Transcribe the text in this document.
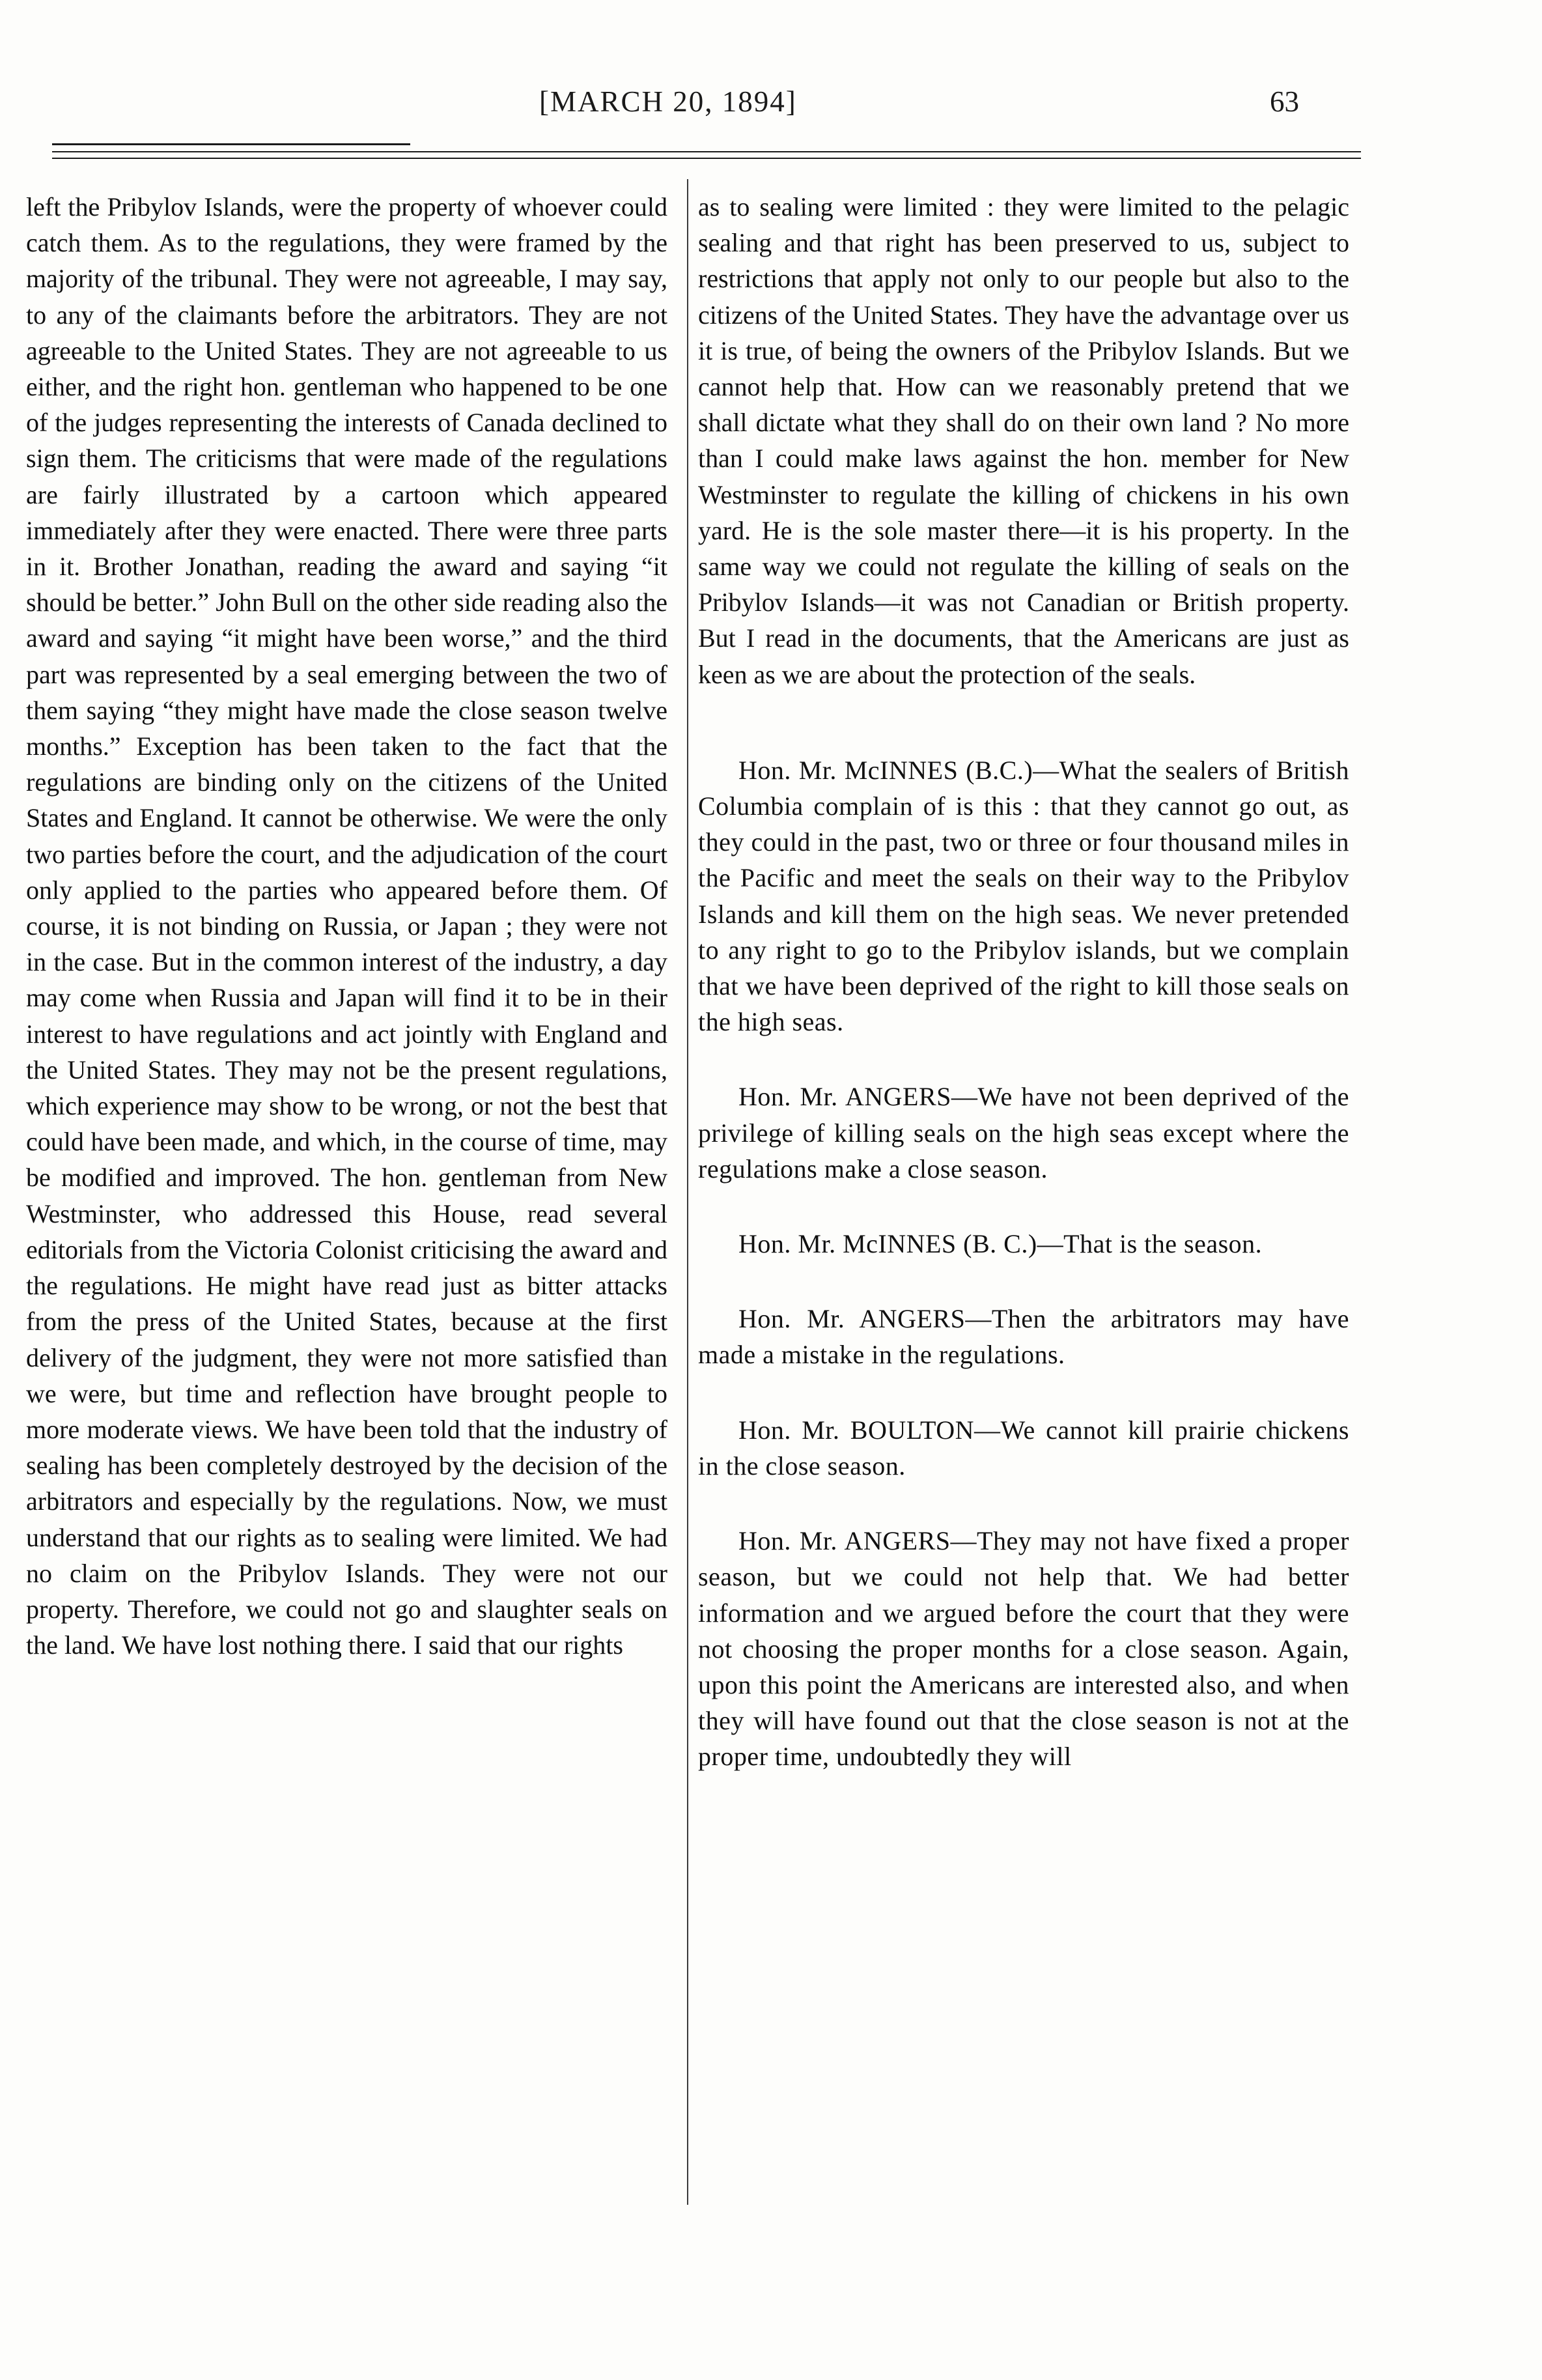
[MARCH 20, 1894]	63

left the Pribylov Islands, were the property of whoever could catch them. As to the regulations, they were framed by the majority of the tribunal. They were not agreeable, I may say, to any of the claimants before the arbitrators. They are not agreeable to the United States. They are not agreeable to us either, and the right hon. gentleman who happened to be one of the judges representing the interests of Canada declined to sign them. The criticisms that were made of the regulations are fairly illustrated by a cartoon which appeared immediately after they were enacted. There were three parts in it. Brother Jonathan, reading the award and saying “it should be better.” John Bull on the other side reading also the award and saying “it might have been worse,” and the third part was represented by a seal emerging between the two of them saying “they might have made the close season twelve months.” Exception has been taken to the fact that the regulations are binding only on the citizens of the United States and England. It cannot be otherwise. We were the only two parties before the court, and the adjudication of the court only applied to the parties who appeared before them. Of course, it is not binding on Russia, or Japan ; they were not in the case. But in the common interest of the industry, a day may come when Russia and Japan will find it to be in their interest to have regulations and act jointly with England and the United States. They may not be the present regulations, which experience may show to be wrong, or not the best that could have been made, and which, in the course of time, may be modified and improved. The hon. gentleman from New Westminster, who addressed this House, read several editorials from the Victoria Colonist criticising the award and the regulations. He might have read just as bitter attacks from the press of the United States, because at the first delivery of the judgment, they were not more satisfied than we were, but time and reflection have brought people to more moderate views. We have been told that the industry of sealing has been completely destroyed by the decision of the arbitrators and especially by the regulations. Now, we must understand that our rights as to sealing were limited. We had no claim on the Pribylov Islands. They were not our property. Therefore, we could not go and slaughter seals on the land. We have lost nothing there. I said that our rights

as to sealing were limited : they were limited to the pelagic sealing and that right has been preserved to us, subject to restrictions that apply not only to our people but also to the citizens of the United States. They have the advantage over us it is true, of being the owners of the Pribylov Islands. But we cannot help that. How can we reasonably pretend that we shall dictate what they shall do on their own land ? No more than I could make laws against the hon. member for New Westminster to regulate the killing of chickens in his own yard. He is the sole master there—it is his property. In the same way we could not regulate the killing of seals on the Pribylov Islands—it was not Canadian or British property. But I read in the documents, that the Americans are just as keen as we are about the protection of the seals.

Hon. Mr. McINNES (B.C.)—What the sealers of British Columbia complain of is this : that they cannot go out, as they could in the past, two or three or four thousand miles in the Pacific and meet the seals on their way to the Pribylov Islands and kill them on the high seas. We never pretended to any right to go to the Pribylov islands, but we complain that we have been deprived of the right to kill those seals on the high seas.

Hon. Mr. ANGERS—We have not been deprived of the privilege of killing seals on the high seas except where the regulations make a close season.

Hon. Mr. McINNES (B. C.)—That is the season.

Hon. Mr. ANGERS—Then the arbitrators may have made a mistake in the regulations.

Hon. Mr. BOULTON—We cannot kill prairie chickens in the close season.

Hon. Mr. ANGERS—They may not have fixed a proper season, but we could not help that. We had better information and we argued before the court that they were not choosing the proper months for a close season. Again, upon this point the Americans are interested also, and when they will have found out that the close season is not at the proper time, undoubtedly they will
